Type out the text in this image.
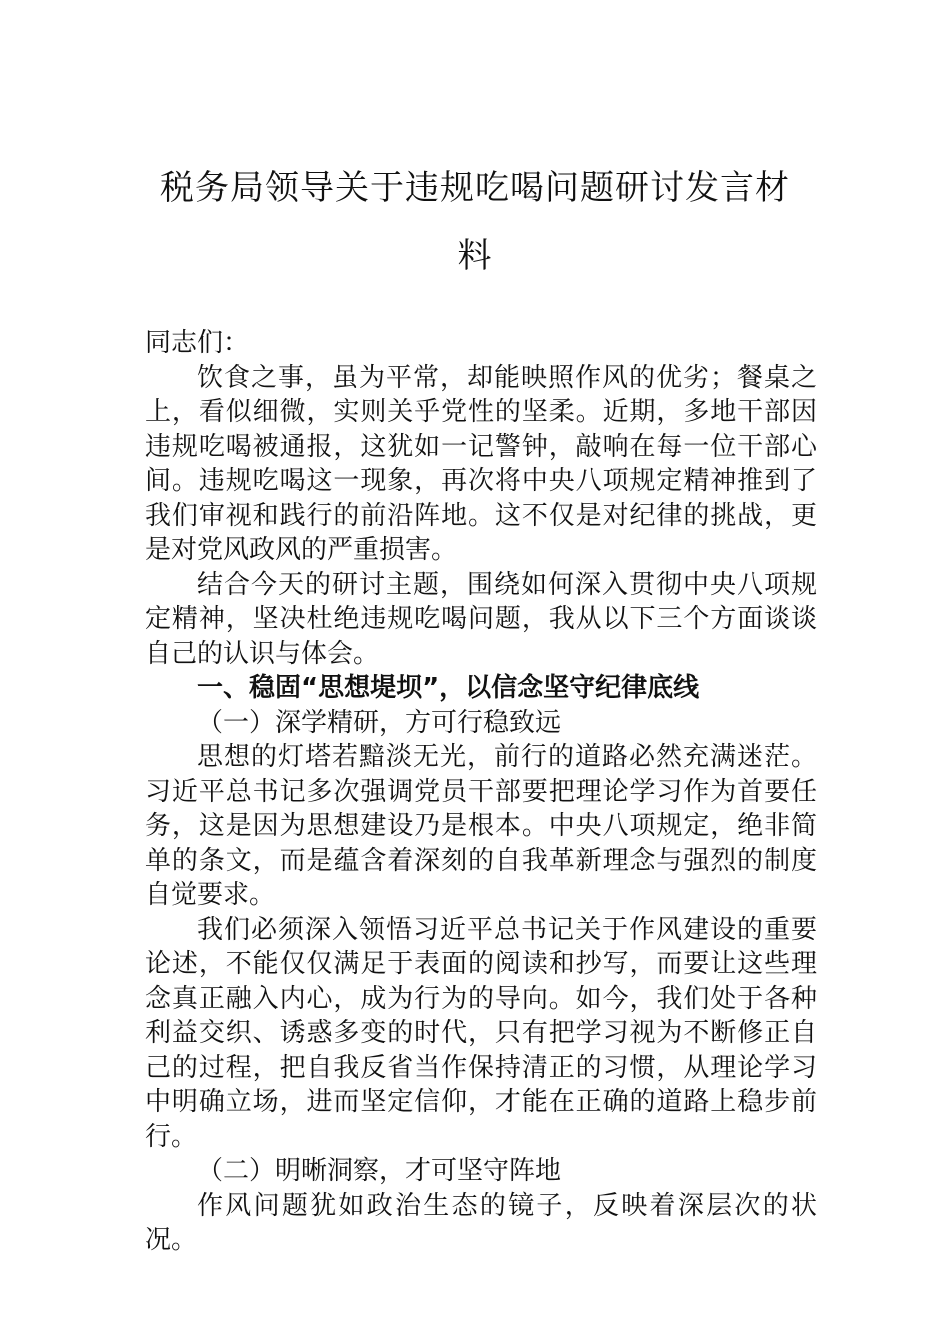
税务局领导关于违规吃喝问题研讨发言材
料

同志们：

饮食之事，虽为平常，却能映照作风的优劣；餐桌之上，看似细微，实则关乎党性的坚柔。近期，多地干部因违规吃喝被通报，这犹如一记警钟，敲响在每一位干部心间。违规吃喝这一现象，再次将中央八项规定精神推到了我们审视和践行的前沿阵地。这不仅是对纪律的挑战，更是对党风政风的严重损害。

结合今天的研讨主题，围绕如何深入贯彻中央八项规定精神，坚决杜绝违规吃喝问题，我从以下三个方面谈谈自己的认识与体会。

一、稳固“思想堤坝”，以信念坚守纪律底线

（一）深学精研，方可行稳致远

思想的灯塔若黯淡无光，前行的道路必然充满迷茫。习近平总书记多次强调党员干部要把理论学习作为首要任务，这是因为思想建设乃是根本。中央八项规定，绝非简单的条文，而是蕴含着深刻的自我革新理念与强烈的制度自觉要求。

我们必须深入领悟习近平总书记关于作风建设的重要论述，不能仅仅满足于表面的阅读和抄写，而要让这些理念真正融入内心，成为行为的导向。如今，我们处于各种利益交织、诱惑多变的时代，只有把学习视为不断修正自己的过程，把自我反省当作保持清正的习惯，从理论学习中明确立场，进而坚定信仰，才能在正确的道路上稳步前行。

（二）明晰洞察，才可坚守阵地

作风问题犹如政治生态的镜子，反映着深层次的状况。
